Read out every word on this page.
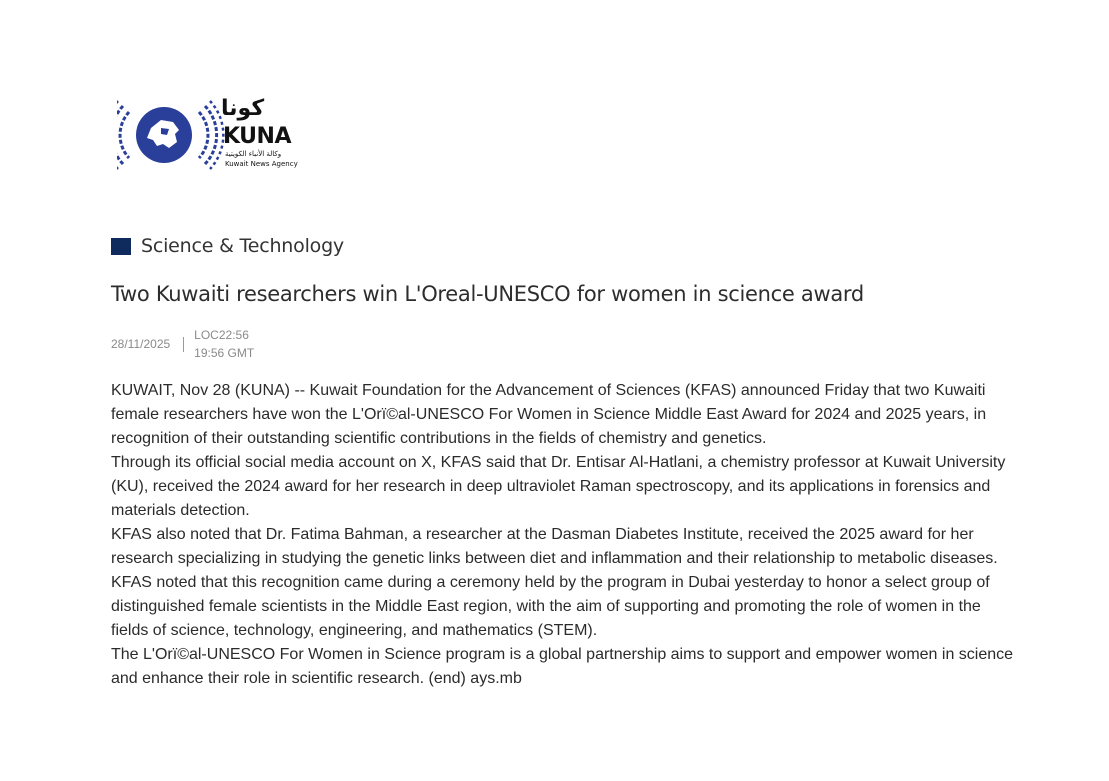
كونا
KUNA
وكالة الأنباء الكويتية
Kuwait News Agency
Science & Technology
Two Kuwaiti researchers win L'Oreal-UNESCO for women in science award
28/11/2025
LOC22:56
19:56 GMT

KUWAIT, Nov 28 (KUNA) -- Kuwait Foundation for the Advancement of Sciences (KFAS) announced Friday that two Kuwaiti female researchers have won the L'Orï©al-UNESCO For Women in Science Middle East Award for 2024 and 2025 years, in recognition of their outstanding scientific contributions in the fields of chemistry and genetics.

Through its official social media account on X, KFAS said that Dr. Entisar Al-Hatlani, a chemistry professor at Kuwait University (KU), received the 2024 award for her research in deep ultraviolet Raman spectroscopy, and its applications in forensics and materials detection.

KFAS also noted that Dr. Fatima Bahman, a researcher at the Dasman Diabetes Institute, received the 2025 award for her research specializing in studying the genetic links between diet and inflammation and their relationship to metabolic diseases.

KFAS noted that this recognition came during a ceremony held by the program in Dubai yesterday to honor a select group of distinguished female scientists in the Middle East region, with the aim of supporting and promoting the role of women in the fields of science, technology, engineering, and mathematics (STEM).

The L'Orï©al-UNESCO For Women in Science program is a global partnership aims to support and empower women in science and enhance their role in scientific research. (end) ays.mb
